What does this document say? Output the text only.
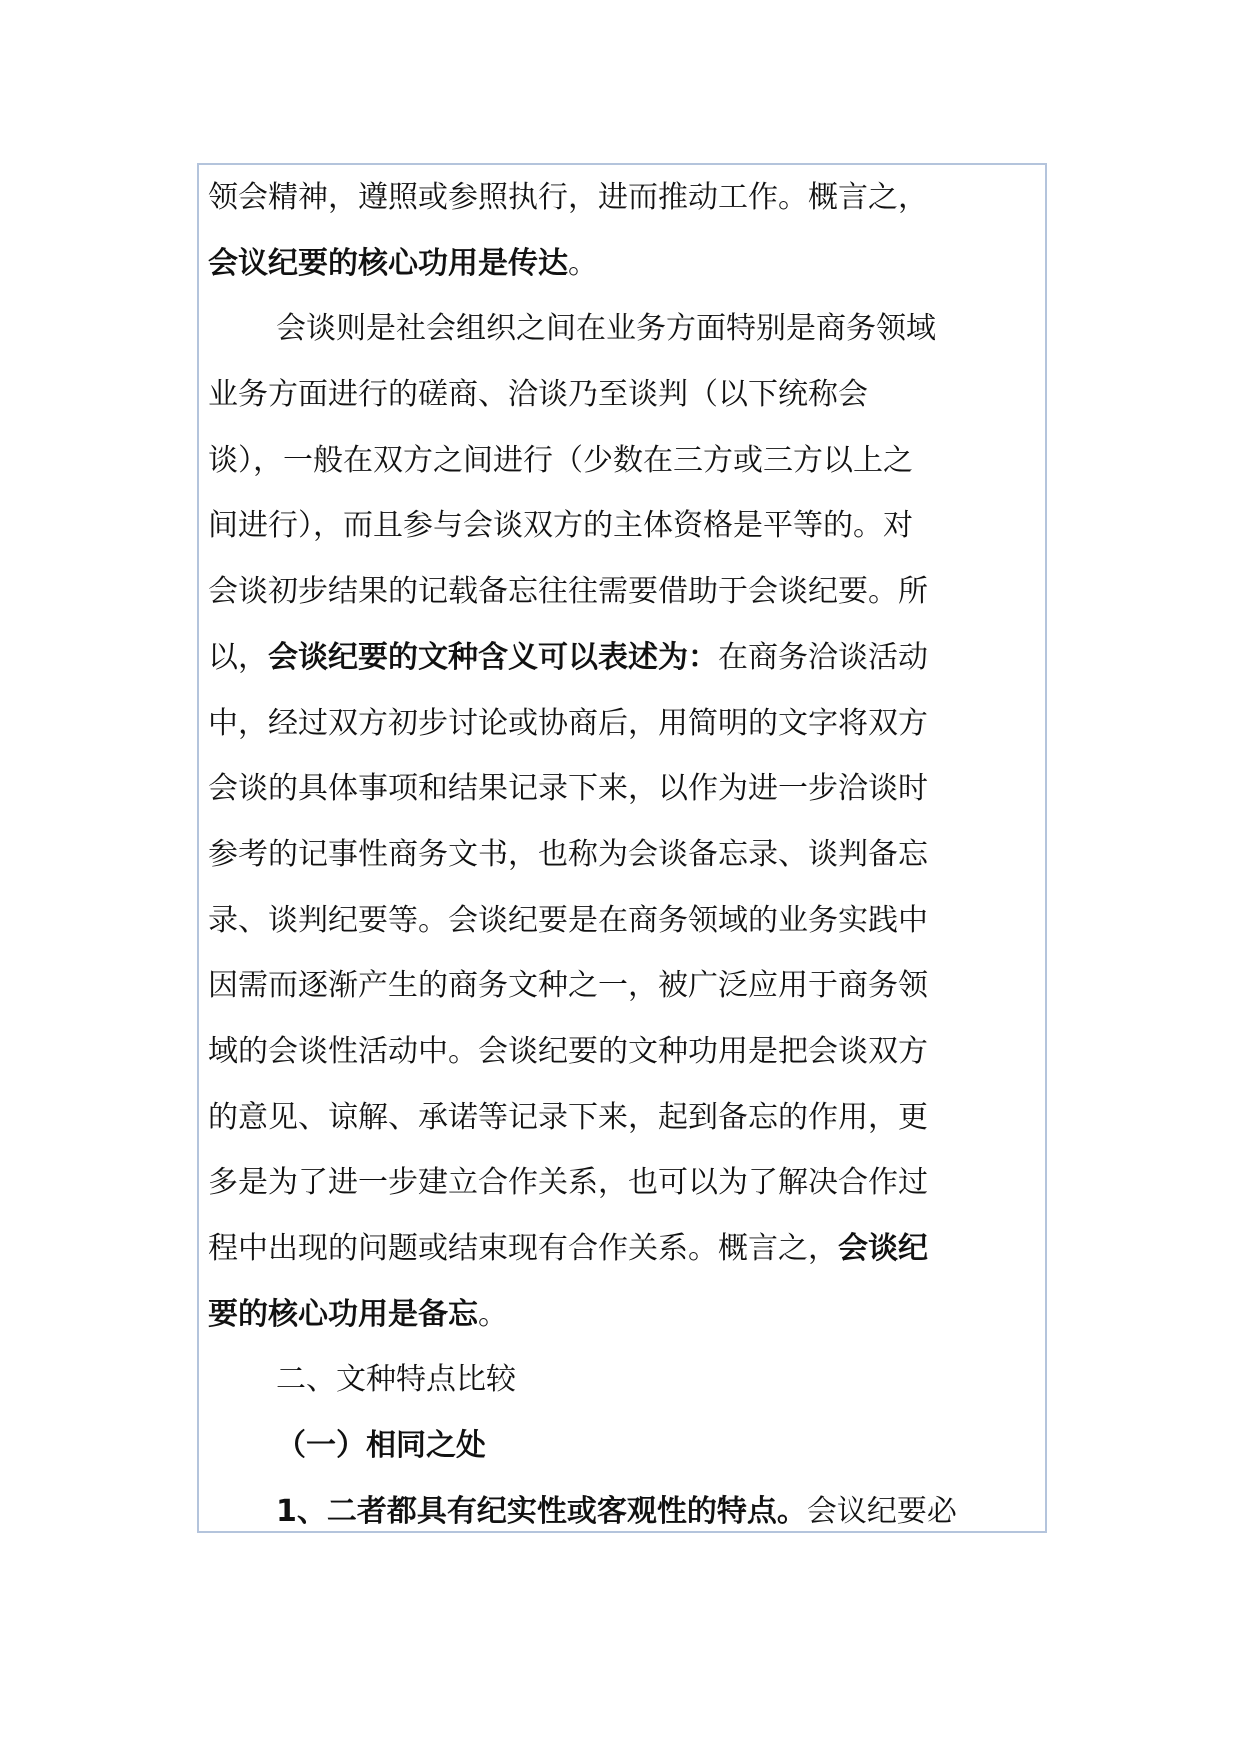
领会精神，遵照或参照执行，进而推动工作。概言之，
会议纪要的核心功用是传达。
会谈则是社会组织之间在业务方面特别是商务领域
业务方面进行的磋商、洽谈乃至谈判（以下统称会
谈），一般在双方之间进行（少数在三方或三方以上之
间进行），而且参与会谈双方的主体资格是平等的。对
会谈初步结果的记载备忘往往需要借助于会谈纪要。所
以，会谈纪要的文种含义可以表述为：在商务洽谈活动
中，经过双方初步讨论或协商后，用简明的文字将双方
会谈的具体事项和结果记录下来，以作为进一步洽谈时
参考的记事性商务文书，也称为会谈备忘录、谈判备忘
录、谈判纪要等。会谈纪要是在商务领域的业务实践中
因需而逐渐产生的商务文种之一，被广泛应用于商务领
域的会谈性活动中。会谈纪要的文种功用是把会谈双方
的意见、谅解、承诺等记录下来，起到备忘的作用，更
多是为了进一步建立合作关系，也可以为了解决合作过
程中出现的问题或结束现有合作关系。概言之，会谈纪
要的核心功用是备忘。
二、文种特点比较
（一）相同之处
1、二者都具有纪实性或客观性的特点。会议纪要必
